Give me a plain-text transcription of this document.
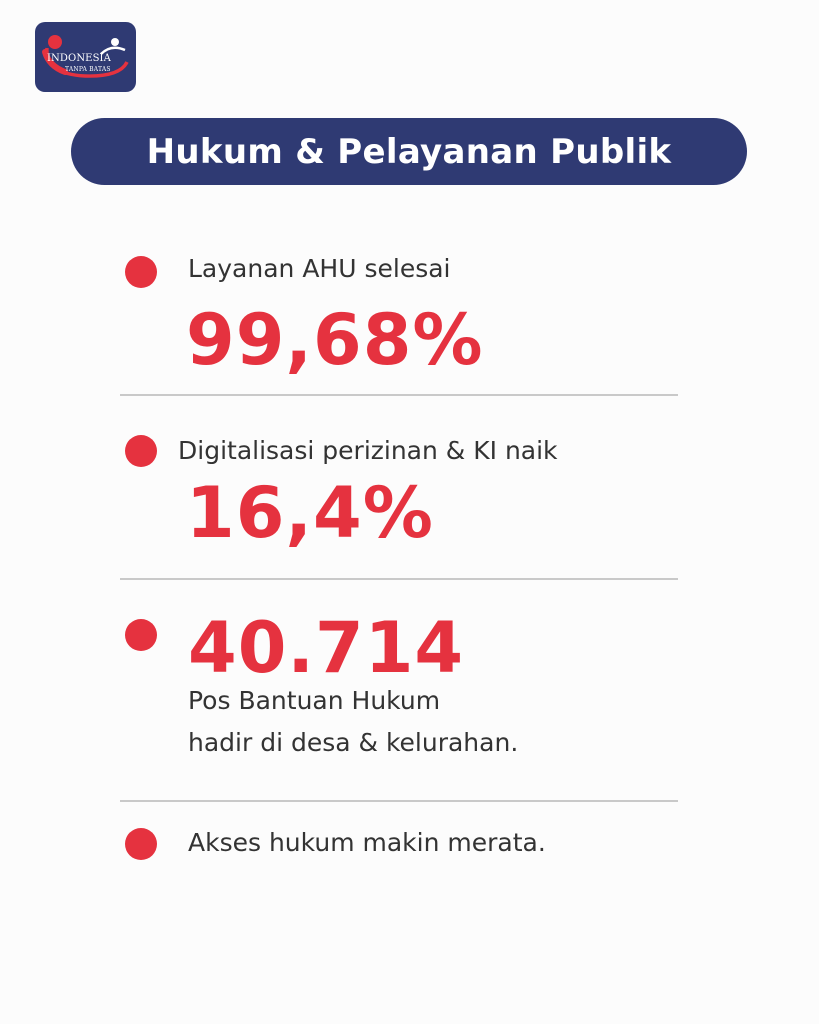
INDONESIA
TANPA BATAS
Hukum & Pelayanan Publik
Layanan AHU selesai
99,68%
Digitalisasi perizinan & KI naik
16,4%
40.714
Pos Bantuan Hukum
hadir di desa & kelurahan.
Akses hukum makin merata.
